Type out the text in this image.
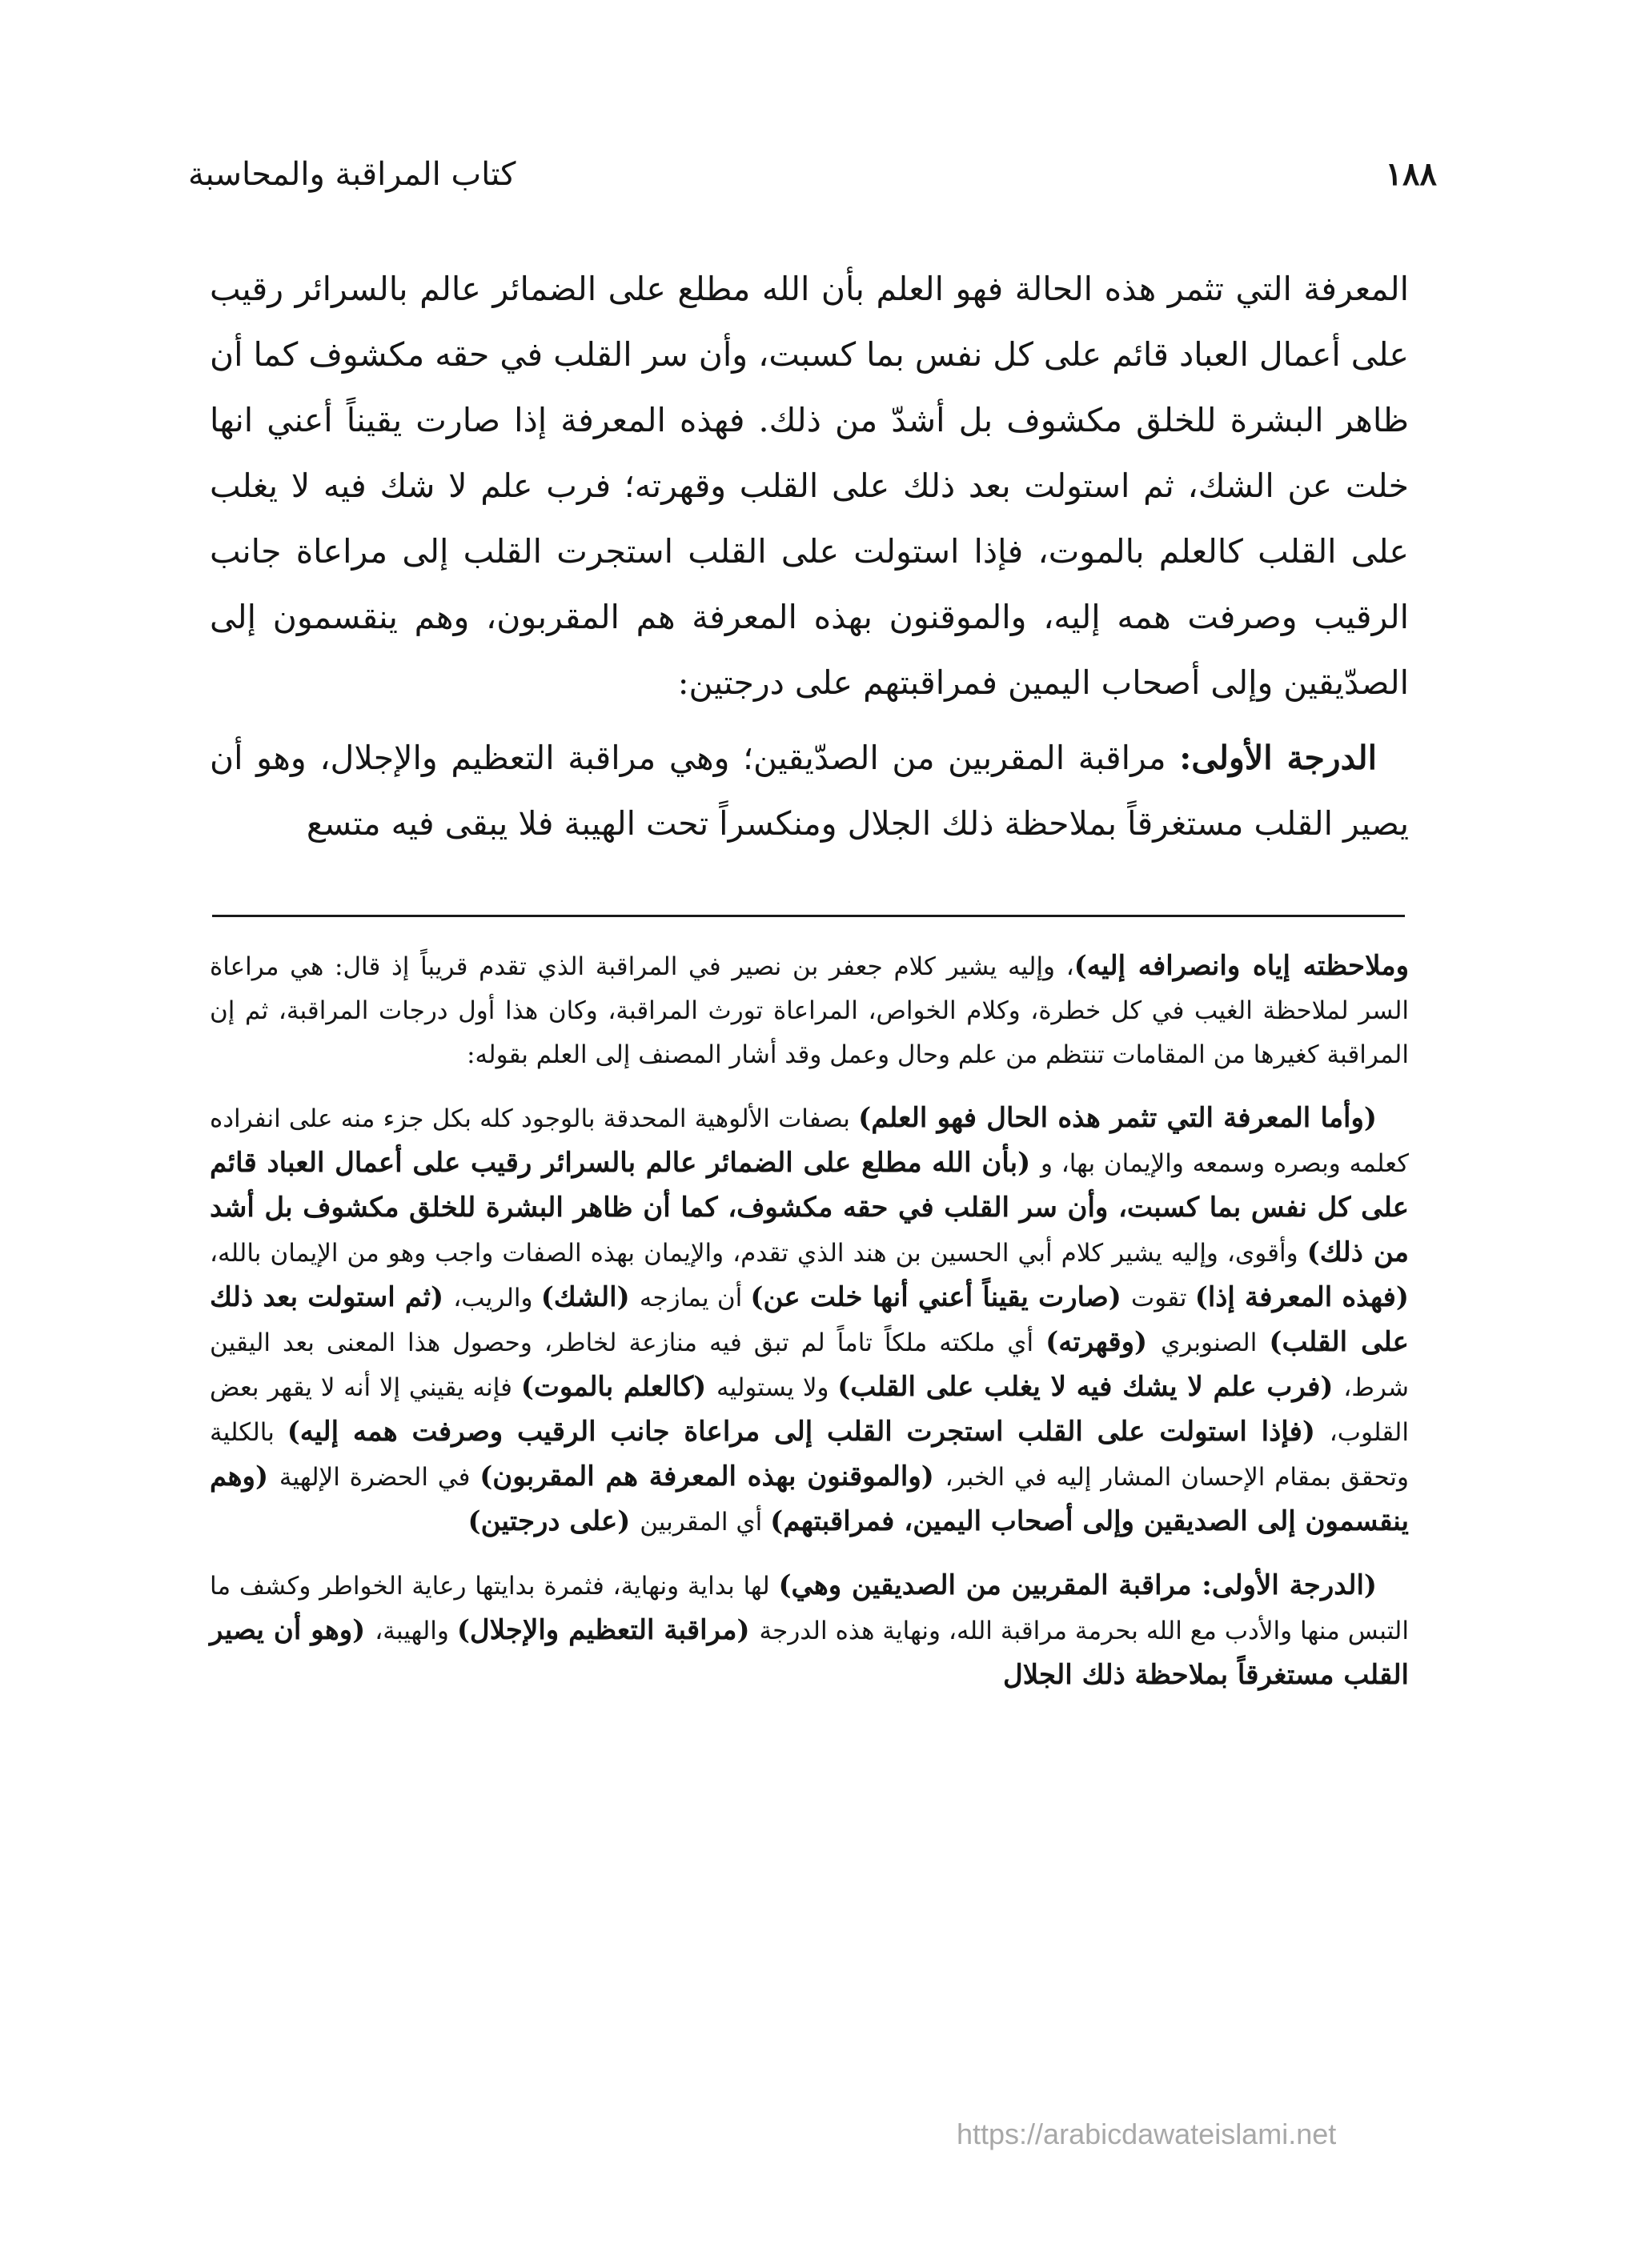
١٨٨
كتاب المراقبة والمحاسبة

المعرفة التي تثمر هذه الحالة فهو العلم بأن الله مطلع على الضمائر عالم بالسرائر رقيب على أعمال العباد قائم على كل نفس بما كسبت، وأن سر القلب في حقه مكشوف كما أن ظاهر البشرة للخلق مكشوف بل أشدّ من ذلك. فهذه المعرفة إذا صارت يقيناً أعني انها خلت عن الشك، ثم استولت بعد ذلك على القلب وقهرته؛ فرب علم لا شك فيه لا يغلب على القلب كالعلم بالموت، فإذا استولت على القلب استجرت القلب إلى مراعاة جانب الرقيب وصرفت همه إليه، والموقنون بهذه المعرفة هم المقربون، وهم ينقسمون إلى الصدّيقين وإلى أصحاب اليمين فمراقبتهم على درجتين:

الدرجة الأولى: مراقبة المقربين من الصدّيقين؛ وهي مراقبة التعظيم والإجلال، وهو أن يصير القلب مستغرقاً بملاحظة ذلك الجلال ومنكسراً تحت الهيبة فلا يبقى فيه متسع

وملاحظته إياه وانصرافه إليه)، وإليه يشير كلام جعفر بن نصير في المراقبة الذي تقدم قريباً إذ قال: هي مراعاة السر لملاحظة الغيب في كل خطرة، وكلام الخواص، المراعاة تورث المراقبة، وكان هذا أول درجات المراقبة، ثم إن المراقبة كغيرها من المقامات تنتظم من علم وحال وعمل وقد أشار المصنف إلى العلم بقوله:

(وأما المعرفة التي تثمر هذه الحال فهو العلم) بصفات الألوهية المحدقة بالوجود كله بكل جزء منه على انفراده كعلمه وبصره وسمعه والإيمان بها، و (بأن الله مطلع على الضمائر عالم بالسرائر رقيب على أعمال العباد قائم على كل نفس بما كسبت، وأن سر القلب في حقه مكشوف، كما أن ظاهر البشرة للخلق مكشوف بل أشد من ذلك) وأقوى، وإليه يشير كلام أبي الحسين بن هند الذي تقدم، والإيمان بهذه الصفات واجب وهو من الإيمان بالله، (فهذه المعرفة إذا) تقوت (صارت يقيناً أعني أنها خلت عن) أن يمازجه (الشك) والريب، (ثم استولت بعد ذلك على القلب) الصنوبري (وقهرته) أي ملكته ملكاً تاماً لم تبق فيه منازعة لخاطر، وحصول هذا المعنى بعد اليقين شرط، (فرب علم لا يشك فيه لا يغلب على القلب) ولا يستوليه (كالعلم بالموت) فإنه يقيني إلا أنه لا يقهر بعض القلوب، (فإذا استولت على القلب استجرت القلب إلى مراعاة جانب الرقيب وصرفت همه إليه) بالكلية وتحقق بمقام الإحسان المشار إليه في الخبر، (والموقنون بهذه المعرفة هم المقربون) في الحضرة الإلهية (وهم ينقسمون إلى الصديقين وإلى أصحاب اليمين، فمراقبتهم) أي المقربين (على درجتين)

(الدرجة الأولى: مراقبة المقربين من الصديقين وهي) لها بداية ونهاية، فثمرة بدايتها رعاية الخواطر وكشف ما التبس منها والأدب مع الله بحرمة مراقبة الله، ونهاية هذه الدرجة (مراقبة التعظيم والإجلال) والهيبة، (وهو أن يصير القلب مستغرقاً بملاحظة ذلك الجلال

https://arabicdawateislami.net
